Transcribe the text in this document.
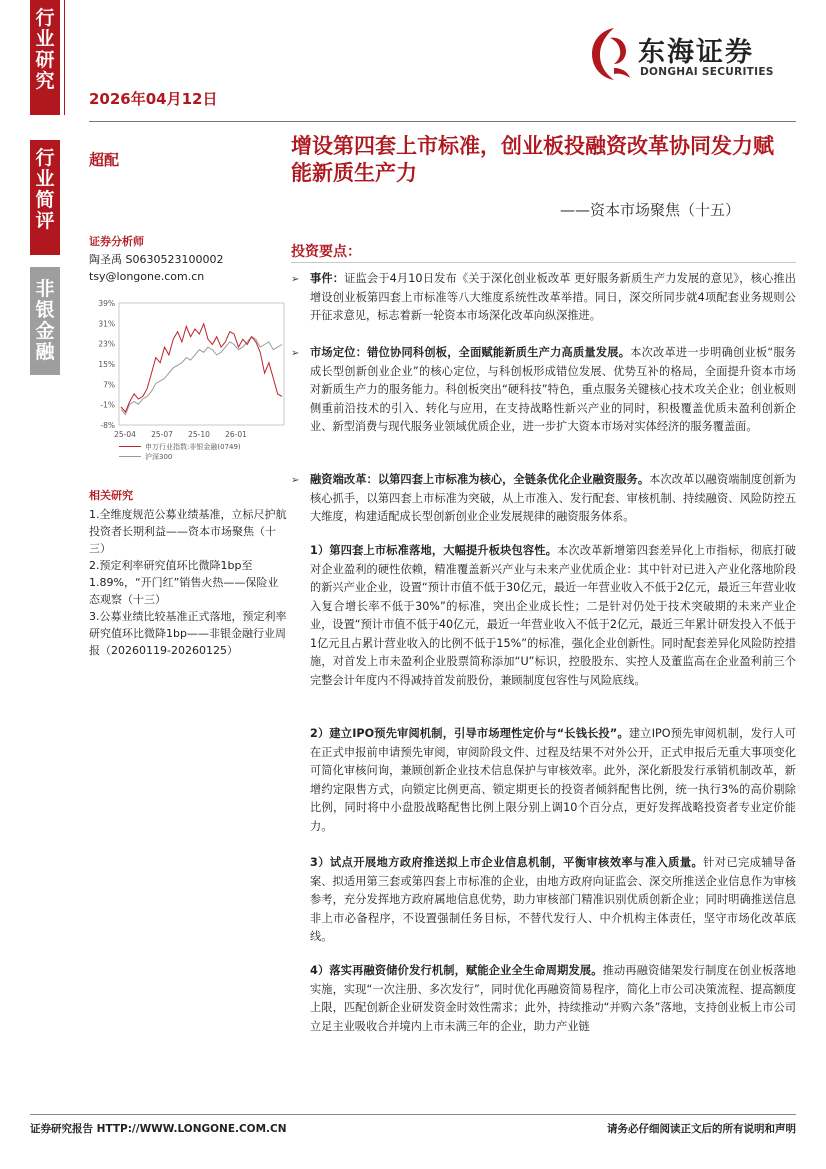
行业研究
行业简评
非银金融
2026年04月12日
东海证券
DONGHAI SECURITIES
超配
增设第四套上市标准，创业板投融资改革协同发力赋能新质生产力
——资本市场聚焦（十五）
证券分析师
陶圣禹 S0630523100002
tsy@longone.com.cn
39%
31%
23%
15%
7%
-1%
-8%
25-04 25-07 25-10 26-01
申万行业指数:非银金融(0749)
沪深300
相关研究
1.全维度规范公募业绩基准，立标尺护航投资者长期利益——资本市场聚焦（十三）
2.预定利率研究值环比微降1bp至1.89%，“开门红”销售火热——保险业态观察（十三）
3.公募业绩比较基准正式落地，预定利率研究值环比微降1bp——非银金融行业周报（20260119-20260125）
投资要点：
➢ 事件：证监会于4月10日发布《关于深化创业板改革 更好服务新质生产力发展的意见》，核心推出增设创业板第四套上市标准等八大维度系统性改革举措。同日，深交所同步就4项配套业务规则公开征求意见，标志着新一轮资本市场深化改革向纵深推进。
➢ 市场定位：错位协同科创板，全面赋能新质生产力高质量发展。本次改革进一步明确创业板“服务成长型创新创业企业”的核心定位，与科创板形成错位发展、优势互补的格局，全面提升资本市场对新质生产力的服务能力。科创板突出“硬科技”特色，重点服务关键核心技术攻关企业；创业板则侧重前沿技术的引入、转化与应用，在支持战略性新兴产业的同时，积极覆盖优质未盈利创新企业、新型消费与现代服务业领域优质企业，进一步扩大资本市场对实体经济的服务覆盖面。
➢ 融资端改革：以第四套上市标准为核心，全链条优化企业融资服务。本次改革以融资端制度创新为核心抓手，以第四套上市标准为突破，从上市准入、发行配套、审核机制、持续融资、风险防控五大维度，构建适配成长型创新创业企业发展规律的融资服务体系。
1）第四套上市标准落地，大幅提升板块包容性。本次改革新增第四套差异化上市指标，彻底打破对企业盈利的硬性依赖，精准覆盖新兴产业与未来产业优质企业：其中针对已进入产业化落地阶段的新兴产业企业，设置“预计市值不低于30亿元，最近一年营业收入不低于2亿元，最近三年营业收入复合增长率不低于30%”的标准，突出企业成长性；二是针对仍处于技术突破期的未来产业企业，设置“预计市值不低于40亿元，最近一年营业收入不低于2亿元，最近三年累计研发投入不低于1亿元且占累计营业收入的比例不低于15%”的标准，强化企业创新性。同时配套差异化风险防控措施，对首发上市未盈利企业股票简称添加“U”标识，控股股东、实控人及董监高在企业盈利前三个完整会计年度内不得减持首发前股份，兼顾制度包容性与风险底线。
2）建立IPO预先审阅机制，引导市场理性定价与“长钱长投”。建立IPO预先审阅机制，发行人可在正式申报前申请预先审阅，审阅阶段文件、过程及结果不对外公开，正式申报后无重大事项变化可简化审核问询，兼顾创新企业技术信息保护与审核效率。此外，深化新股发行承销机制改革，新增约定限售方式，向锁定比例更高、锁定期更长的投资者倾斜配售比例，统一执行3%的高价剔除比例，同时将中小盘股战略配售比例上限分别上调10个百分点，更好发挥战略投资者专业定价能力。
3）试点开展地方政府推送拟上市企业信息机制，平衡审核效率与准入质量。针对已完成辅导备案、拟适用第三套或第四套上市标准的企业，由地方政府向证监会、深交所推送企业信息作为审核参考，充分发挥地方政府属地信息优势，助力审核部门精准识别优质创新企业；同时明确推送信息非上市必备程序，不设置强制任务目标，不替代发行人、中介机构主体责任，坚守市场化改革底线。
4）落实再融资储价发行机制，赋能企业全生命周期发展。推动再融资储架发行制度在创业板落地实施，实现“一次注册、多次发行”，同时优化再融资简易程序，简化上市公司决策流程、提高额度上限，匹配创新企业研发资金时效性需求；此外，持续推动“并购六条”落地，支持创业板上市公司立足主业吸收合并境内上市未满三年的企业，助力产业链
证券研究报告 HTTP://WWW.LONGONE.COM.CN	请务必仔细阅读正文后的所有说明和声明
